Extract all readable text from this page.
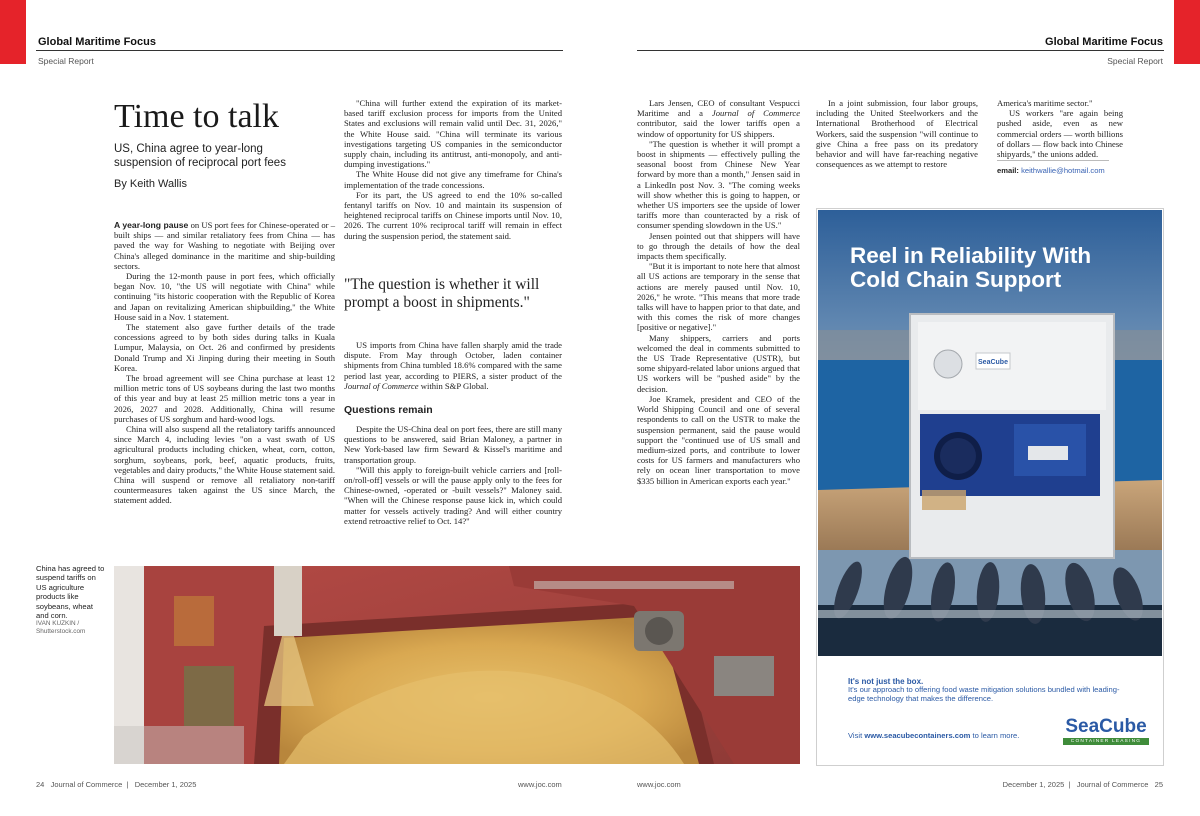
Global Maritime Focus
Special Report
Global Maritime Focus
Special Report
Time to talk
US, China agree to year-long suspension of reciprocal port fees
By Keith Wallis

A year-long pause on US port fees for Chinese-operated or –built ships — and similar retaliatory fees from China — has paved the way for Washing to negotiate with Beijing over China's alleged dominance in the maritime and ship-building sectors.

During the 12-month pause in port fees, which officially began Nov. 10, "the US will negotiate with China" while continuing "its historic cooperation with the Republic of Korea and Japan on revitalizing American shipbuilding," the White House said in a Nov. 1 statement.

The statement also gave further details of the trade concessions agreed to by both sides during talks in Kuala Lumpur, Malaysia, on Oct. 26 and confirmed by presidents Donald Trump and Xi Jinping during their meeting in South Korea.

The broad agreement will see China purchase at least 12 million metric tons of US soybeans during the last two months of this year and buy at least 25 million metric tons a year in 2026, 2027 and 2028. Additionally, China will resume purchases of US sorghum and hard-wood logs.

China will also suspend all the retaliatory tariffs announced since March 4, including levies "on a vast swath of US agricultural products including chicken, wheat, corn, cotton, sorghum, soybeans, pork, beef, aquatic products, fruits, vegetables and dairy products," the White House statement said. China will suspend or remove all retaliatory non-tariff countermeasures taken against the US since March, the statement added.

"China will further extend the expiration of its market-based tariff exclusion process for imports from the United States and exclusions will remain valid until Dec. 31, 2026," the White House said. "China will terminate its various investigations targeting US companies in the semiconductor supply chain, including its antitrust, anti-monopoly, and anti-dumping investigations."

The White House did not give any timeframe for China's implementation of the trade concessions.

For its part, the US agreed to end the 10% so-called fentanyl tariffs on Nov. 10 and maintain its suspension of heightened reciprocal tariffs on Chinese imports until Nov. 10, 2026. The current 10% reciprocal tariff will remain in effect during the suspension period, the statement said.

"The question is whether it will prompt a boost in shipments."

US imports from China have fallen sharply amid the trade dispute. From May through October, laden container shipments from China tumbled 18.6% compared with the same period last year, according to PIERS, a sister product of the Journal of Commerce within S&P Global.

Questions remain

Despite the US-China deal on port fees, there are still many questions to be answered, said Brian Maloney, a partner in New York-based law firm Seward & Kissel's maritime and transportation group.

"Will this apply to foreign-built vehicle carriers and [roll-on/roll-off] vessels or will the pause apply only to the fees for Chinese-owned, -operated or -built vessels?" Maloney said. "When will the Chinese response pause kick in, which could matter for vessels actively trading? And will either country extend retroactive relief to Oct. 14?"

Lars Jensen, CEO of consultant Vespucci Maritime and a Journal of Commerce contributor, said the lower tariffs open a window of opportunity for US shippers.

"The question is whether it will prompt a boost in shipments — effectively pulling the seasonal boost from Chinese New Year forward by more than a month," Jensen said in a LinkedIn post Nov. 3. "The coming weeks will show whether this is going to happen, or whether US importers see the upside of lower tariffs more than counteracted by a risk of consumer spending slowdown in the US."

Jensen pointed out that shippers will have to go through the details of how the deal impacts them specifically.

"But it is important to note here that almost all US actions are temporary in the sense that actions are merely paused until Nov. 10, 2026," he wrote. "This means that more trade talks will have to happen prior to that date, and with this comes the risk of more changes [positive or negative]."

Many shippers, carriers and ports welcomed the deal in comments submitted to the US Trade Representative (USTR), but some shipyard-related labor unions argued that US workers will be "pushed aside" by the decision.

Joe Kramek, president and CEO of the World Shipping Council and one of several respondents to call on the USTR to make the suspension permanent, said the pause would support the "continued use of US small and medium-sized ports, and contribute to lower costs for US farmers and manufacturers who rely on ocean liner transportation to move $335 billion in American exports each year."

In a joint submission, four labor groups, including the United Steelworkers and the International Brotherhood of Electrical Workers, said the suspension "will continue to give China a free pass on its predatory behavior and will have far-reaching negative consequences as we attempt to restore

America's maritime sector."

US workers "are again being pushed aside, even as new commercial orders — worth billions of dollars — flow back into Chinese shipyards," the unions added.

email: keithwallie@hotmail.com
China has agreed to suspend tariffs on US agriculture products like soybeans, wheat and corn.
IVAN KUZKIN / Shutterstock.com
SeaCube
Reel in Reliability With
Cold Chain Support
It's not just the box.
It's our approach to offering food waste mitigation solutions bundled with leading-edge technology that makes the difference.
Visit www.seacubecontainers.com to learn more. SeaCube
CONTAINER LEASING
24 Journal of Commerce  |   December 1, 2025	www.joc.com	www.joc.com	December 1, 2025  |   Journal of Commerce 25
